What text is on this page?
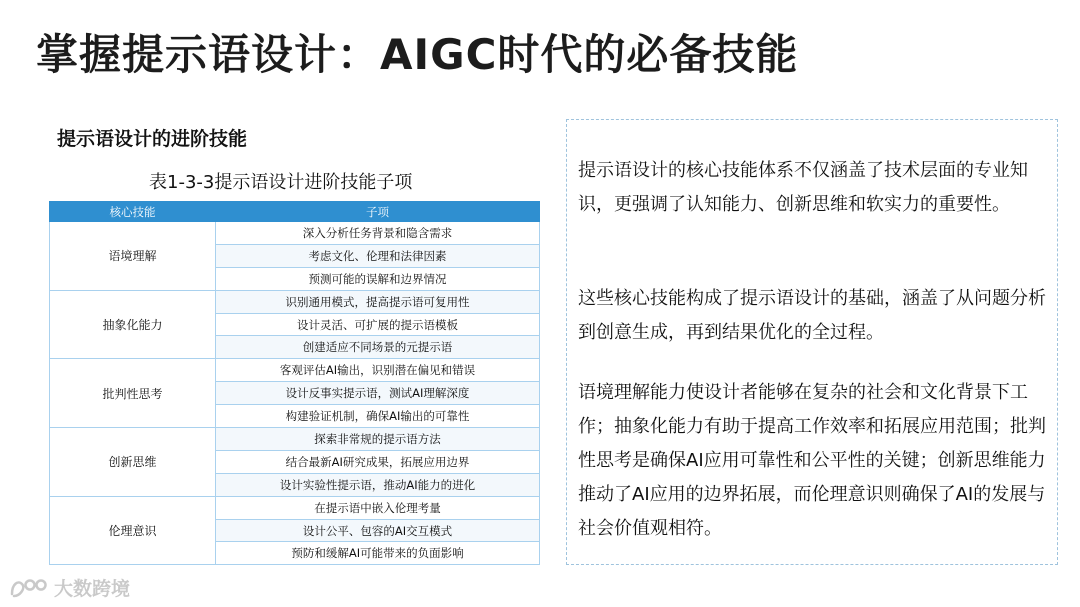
掌握提示语设计：AIGC时代的必备技能
提示语设计的进阶技能
表1-3-3提示语设计进阶技能子项
核心技能	子项
语境理解	深入分析任务背景和隐含需求
	考虑文化、伦理和法律因素
	预测可能的误解和边界情况
抽象化能力	识别通用模式，提高提示语可复用性
	设计灵活、可扩展的提示语模板
	创建适应不同场景的元提示语
批判性思考	客观评估AI输出，识别潜在偏见和错误
	设计反事实提示语，测试AI理解深度
	构建验证机制，确保AI输出的可靠性
创新思维	探索非常规的提示语方法
	结合最新AI研究成果，拓展应用边界
	设计实验性提示语，推动AI能力的进化
伦理意识	在提示语中嵌入伦理考量
	设计公平、包容的AI交互模式
	预防和缓解AI可能带来的负面影响

提示语设计的核心技能体系不仅涵盖了技术层面的专业知识，更强调了认知能力、创新思维和软实力的重要性。

这些核心技能构成了提示语设计的基础，涵盖了从问题分析到创意生成，再到结果优化的全过程。

语境理解能力使设计者能够在复杂的社会和文化背景下工作；抽象化能力有助于提高工作效率和拓展应用范围；批判性思考是确保AI应用可靠性和公平性的关键；创新思维能力推动了AI应用的边界拓展，而伦理意识则确保了AI的发展与社会价值观相符。

大数跨境
